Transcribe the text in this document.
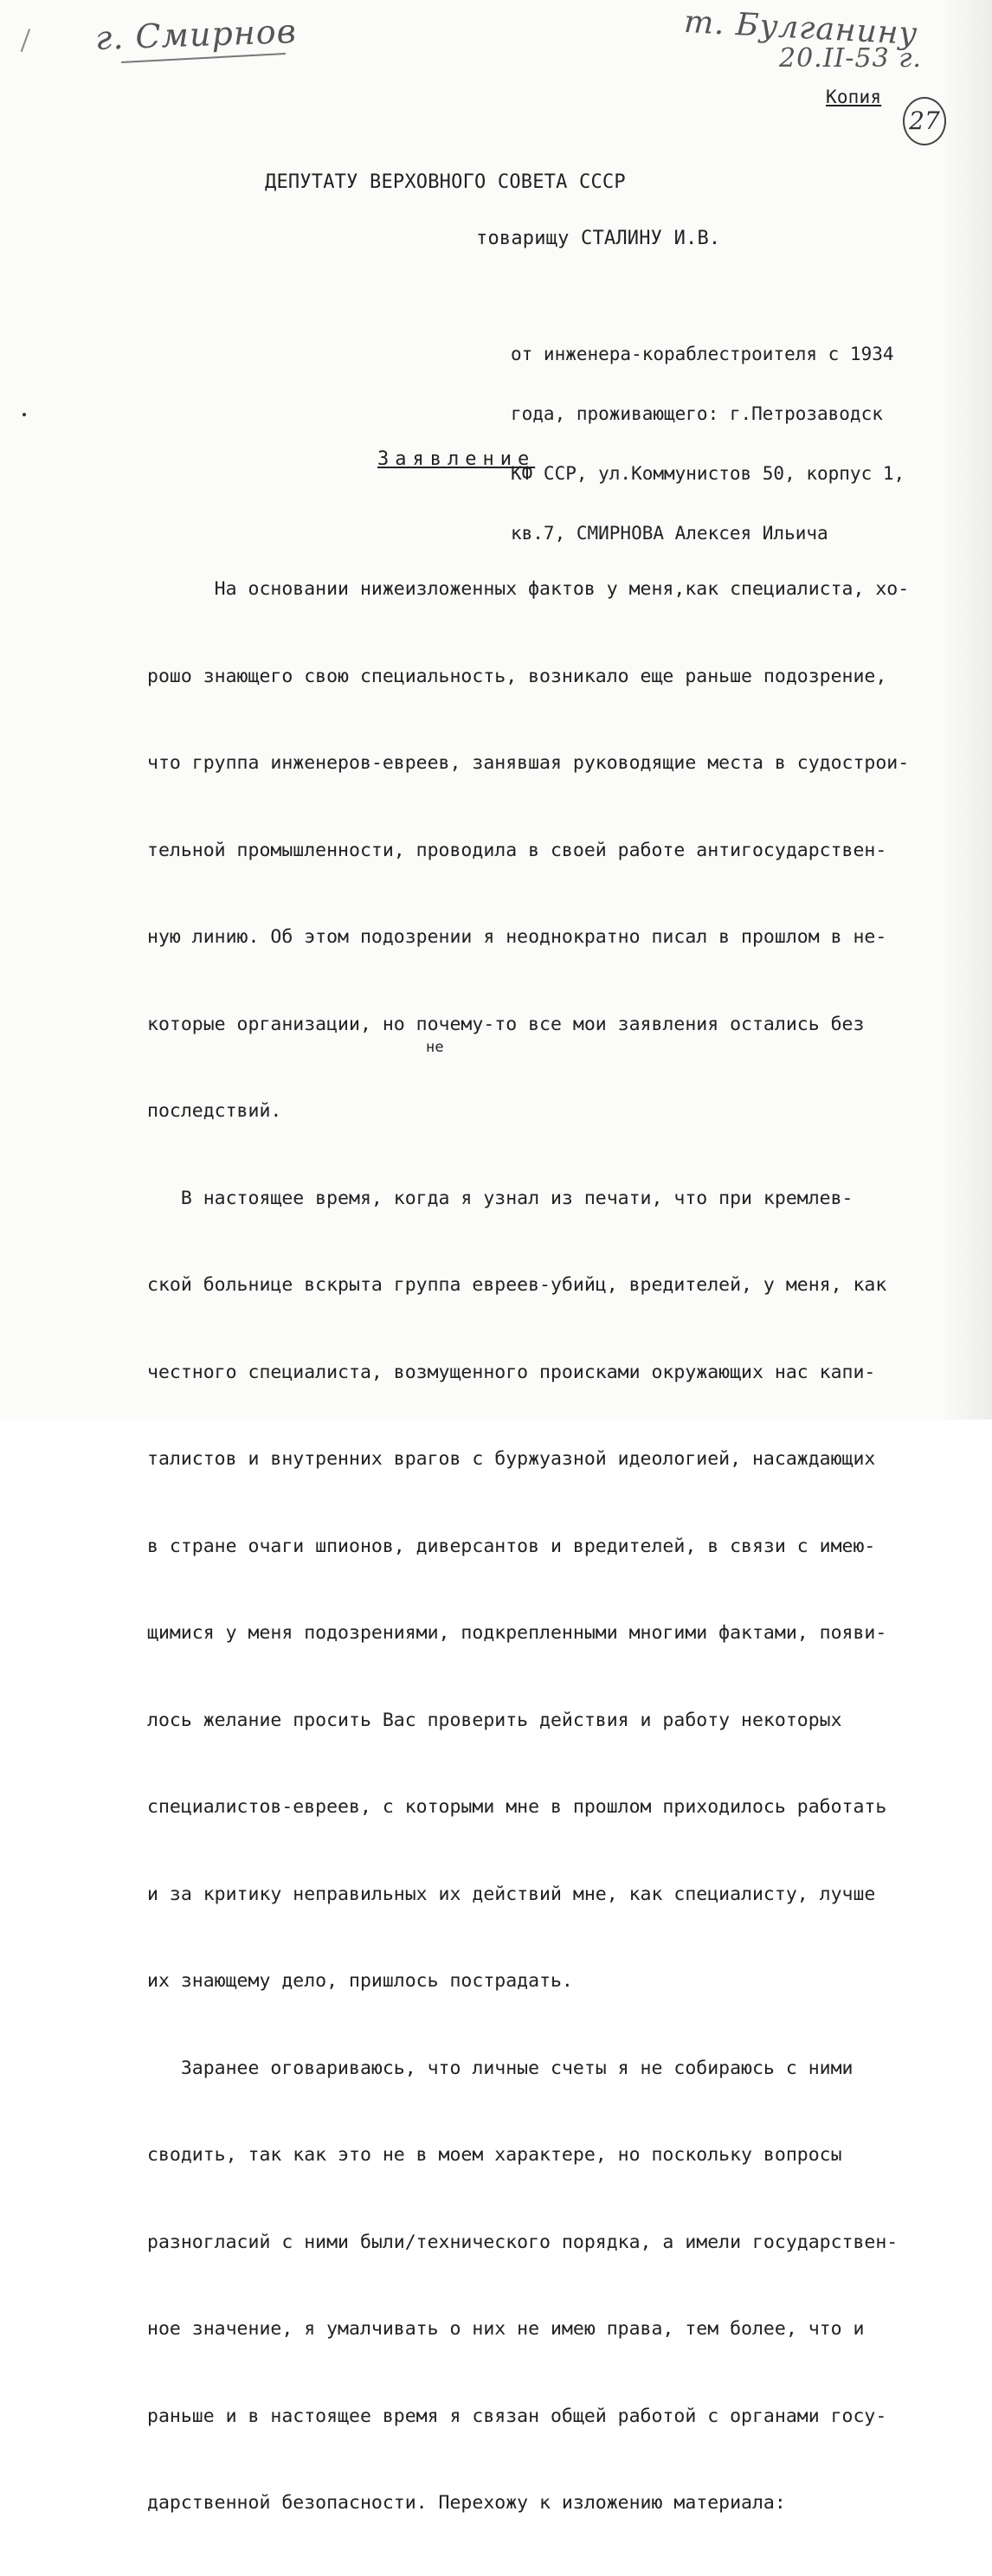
г. Смирнов	т. Булганину
20.II-53 г.
27
Копия
ДЕПУТАТУ ВЕРХОВНОГО СОВЕТА СССР
товарищу СТАЛИНУ И.В.

от инженера-кораблестроителя с 1934

года, проживающего: г.Петрозаводск

КФ ССР, ул.Коммунистов 50, корпус 1,

кв.7, СМИРНОВА Алексея Ильича

Заявление

На основании нижеизложенных фактов у меня,как специалиста, хо-

рошо знающего свою специальность, возникало еще раньше подозрение,

что группа инженеров-евреев, занявшая руководящие места в судострои-

тельной промышленности, проводила в своей работе антигосударствен-

ную линию. Об этом подозрении я неоднократно писал в прошлом в не-

которые организации, но почему-то все мои заявления остались без

последствий.

В настоящее время, когда я узнал из печати, что при кремлев-

ской больнице вскрыта группа евреев-убийц, вредителей, у меня, как

честного специалиста, возмущенного происками окружающих нас капи-

талистов и внутренних врагов с буржуазной идеологией, насаждающих

в стране очаги шпионов, диверсантов и вредителей, в связи с имею-

щимися у меня подозрениями, подкрепленными многими фактами, появи-

лось желание просить Вас проверить действия и работу некоторых

специалистов-евреев, с которыми мне в прошлом приходилось работать

и за критику неправильных их действий мне, как специалисту, лучше

их знающему дело, пришлось пострадать.

Заранее оговариваюсь, что личные счеты я не собираюсь с ними

сводить, так как это не в моем характере, но поскольку вопросы

разногласий с ними были/технического порядка, а имели государствен-

ное значение, я умалчивать о них не имею права, тем более, что и

раньше и в настоящее время я связан общей работой с органами госу-

дарственной безопасности. Перехожу к изложению материала:

не
